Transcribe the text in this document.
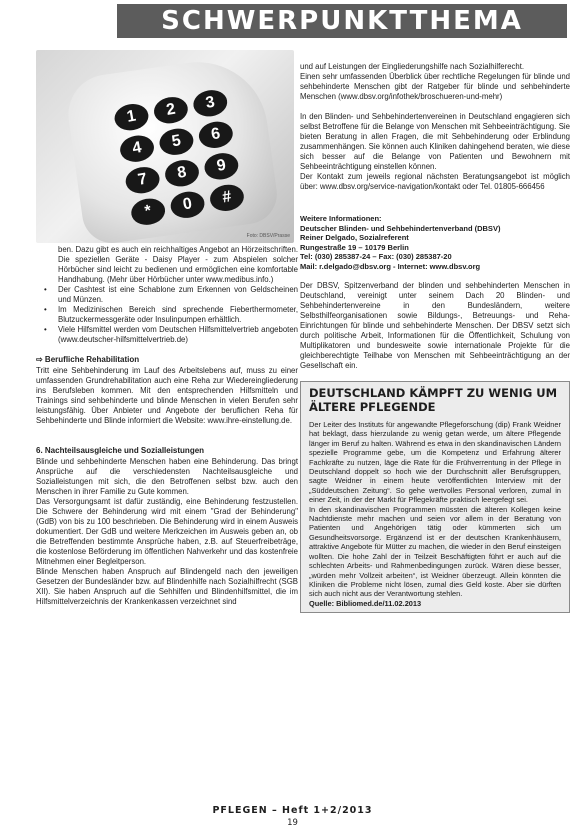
SCHWERPUNKTTHEMA
1	2	3
4	5	6
7	8	9
*	0	#
Foto: DBSV/Prasse

ben. Dazu gibt es auch ein reichhaltiges Angebot an Hörzeitschriften. Die speziellen Geräte - Daisy Player - zum Abspielen solcher Hörbücher sind leicht zu bedienen und ermöglichen eine komfortable Handhabung. (Mehr über Hörbücher unter www.medibus.info.)

• Der Cashtest ist eine Schablone zum Erkennen von Geldscheinen und Münzen.
• Im Medizinischen Bereich sind sprechende Fieberthermometer, Blutzuckermessgeräte oder Insulinpumpen erhältlich.
• Viele Hilfsmittel werden vom Deutschen Hilfsmittelvertrieb angeboten (www.deutscher-hilfsmittelvertrieb.de)
⇨ Berufliche Rehabilitation

Tritt eine Sehbehinderung im Lauf des Arbeitslebens auf, muss zu einer umfassenden Grundrehabilitation auch eine Reha zur Wiedereingliederung ins Berufsleben kommen. Mit den entsprechenden Hilfsmitteln und Trainings sind sehbehinderte und blinde Menschen in vielen Berufen sehr leistungsfähig. Über Anbieter und Angebote der beruflichen Reha für Sehbehinderte und Blinde informiert die Website: www.ihre-einstellung.de.

6. Nachteilsausgleiche und Sozialleistungen

Blinde und sehbehinderte Menschen haben eine Behinderung. Das bringt Ansprüche auf die verschiedensten Nachteilsausgleiche und Sozialleistungen mit sich, die den Betroffenen selbst bzw. auch den Menschen in ihrer Familie zu Gute kommen.

Das Versorgungsamt ist dafür zuständig, eine Behinderung festzustellen. Die Schwere der Behinderung wird mit einem "Grad der Behinderung" (GdB) von bis zu 100 beschrieben. Die Behinderung wird in einem Ausweis dokumentiert. Der GdB und weitere Merkzeichen im Ausweis geben an, ob die Betreffenden bestimmte Ansprüche haben, z.B. auf Steuerfreibeträge, die kostenlose Beförderung im öffentlichen Nahverkehr und das kostenfreie Mitnehmen einer Begleitperson.

Blinde Menschen haben Anspruch auf Blindengeld nach den jeweiligen Gesetzen der Bundesländer bzw. auf Blindenhilfe nach Sozialhilfrecht (SGB XII). Sie haben Anspruch auf die Sehhilfen und Blindenhilfsmittel, die im Hilfsmittelverzeichnis der Krankenkassen verzeichnet sind

und auf Leistungen der Eingliederungshilfe nach Sozialhilferecht.

Einen sehr umfassenden Überblick über rechtliche Regelungen für blinde und sehbehinderte Menschen gibt der Ratgeber für blinde und sehbehinderte Menschen (www.dbsv.org/infothek/broschueren-und-mehr)

In den Blinden- und Sehbehindertenvereinen in Deutschland engagieren sich selbst Betroffene für die Belange von Menschen mit Sehbeeinträchtigung. Sie bieten Beratung in allen Fragen, die mit Sehbehinderung oder Erblindung zusammenhängen. Sie können auch Kliniken dahingehend beraten, wie diese sich besser auf die Belange von Patienten und Bewohnern mit Sehbeeinträchtigung einstellen können.

Der Kontakt zum jeweils regional nächsten Beratungsangebot ist möglich über: www.dbsv.org/service-navigation/kontakt oder Tel. 01805-666456

Weitere Informationen:
Deutscher Blinden- und Sehbehindertenverband (DBSV)
Reiner Delgado, Sozialreferent
Rungestraße 19 – 10179 Berlin
Tel: (030) 285387-24 – Fax: (030) 285387-20
Mail: r.delgado@dbsv.org - Internet: www.dbsv.org

Der DBSV, Spitzenverband der blinden und sehbehinderten Menschen in Deutschland, vereinigt unter seinem Dach 20 Blinden- und Sehbehindertenvereine in den Bundesländern, weitere Selbsthilfeorganisationen sowie Bildungs-, Betreuungs- und Reha-Einrichtungen für blinde und sehbehinderte Menschen. Der DBSV setzt sich durch politische Arbeit, Informationen für die Öffentlichkeit, Schulung von Multiplikatoren und bundesweite sowie internationale Projekte für die gleichberechtigte Teilhabe von Menschen mit Sehbeeinträchtigung an der Gesellschaft ein.

DEUTSCHLAND KÄMPFT ZU WENIG UM ÄLTERE PFLEGENDE

Der Leiter des Instituts für angewandte Pflegeforschung (dip) Frank Weidner hat beklagt, dass hierzulande zu wenig getan werde, um ältere Pflegende länger im Beruf zu halten. Während es etwa in den skandinavischen Ländern spezielle Programme gebe, um die Kompetenz und Erfahrung älterer Fachkräfte zu nutzen, läge die Rate für die Frühverrentung in der Pflege in Deutschland doppelt so hoch wie der Durchschnitt aller Berufsgruppen, sagte Weidner in einem heute veröffentlichten Interview mit der „Süddeutschen Zeitung“. So gehe wertvolles Personal verloren, zumal in einer Zeit, in der der Markt für Pflegekräfte praktisch leergefegt sei.
In den skandinavischen Programmen müssten die älteren Kollegen keine Nachtdienste mehr machen und seien vor allem in der Beratung von Patienten und Angehörigen tätig oder kümmerten sich um Gesundheitsvorsorge. Ergänzend ist er der deutschen Krankenhäusern, attraktive Angebote für Mütter zu machen, die wieder in den Beruf einsteigen wollten. Die hohe Zahl der in Teilzeit Beschäftigten führt er auch auf die schlechten Arbeits- und Rahmenbedingungen zurück. Wären diese besser, „würden mehr Vollzeit arbeiten“, ist Weidner überzeugt. Allein könnten die Kliniken die Probleme nicht lösen, zumal dies Geld koste. Aber sie dürften sich auch nicht aus der Verantwortung stehlen.

Quelle: Bibliomed.de/11.02.2013
PFLEGEN – Heft 1+2/2013
19
